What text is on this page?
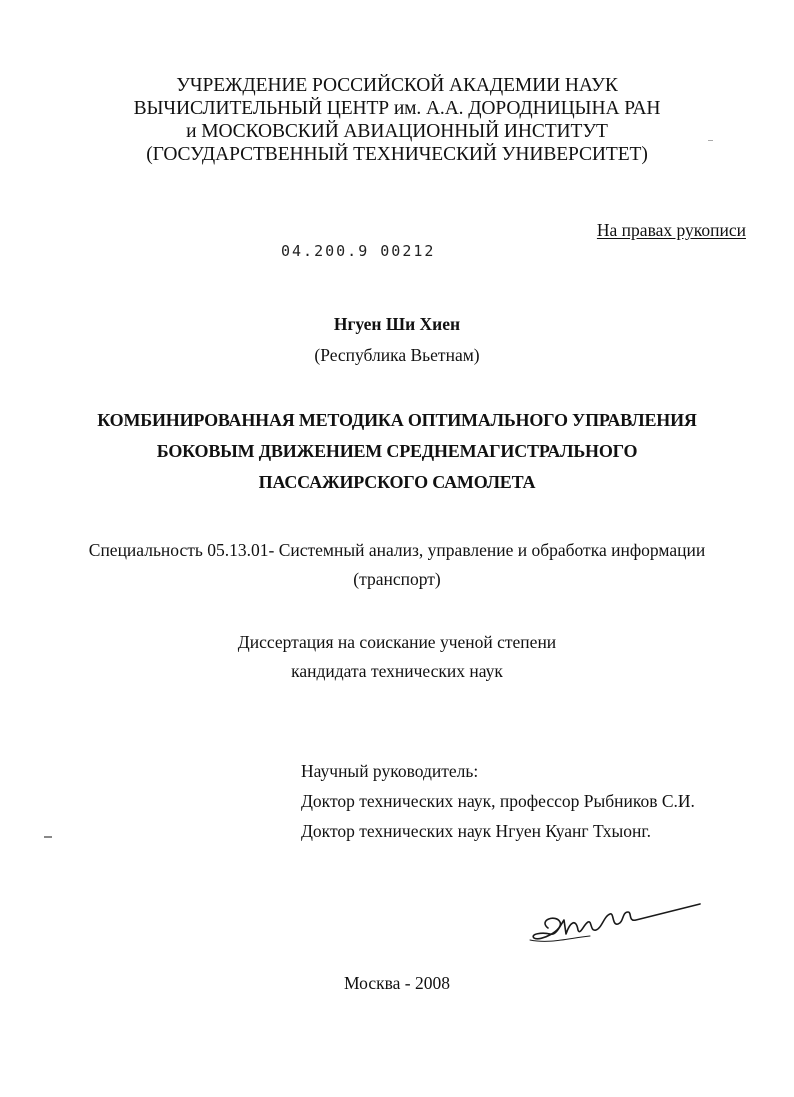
УЧРЕЖДЕНИЕ РОССИЙСКОЙ АКАДЕМИИ НАУК
ВЫЧИСЛИТЕЛЬНЫЙ ЦЕНТР им. А.А. ДОРОДНИЦЫНА РАН
и МОСКОВСКИЙ АВИАЦИОННЫЙ ИНСТИТУТ
(ГОСУДАРСТВЕННЫЙ ТЕХНИЧЕСКИЙ УНИВЕРСИТЕТ)
На правах рукописи
04.200.9 00212
Нгуен Ши Хиен
(Республика Вьетнам)
КОМБИНИРОВАННАЯ МЕТОДИКА ОПТИМАЛЬНОГО УПРАВЛЕНИЯ
БОКОВЫМ ДВИЖЕНИЕМ СРЕДНЕМАГИСТРАЛЬНОГО
ПАССАЖИРСКОГО САМОЛЕТА
Специальность 05.13.01- Системный анализ, управление и обработка информации
(транспорт)
Диссертация на соискание ученой степени
кандидата технических наук
Научный руководитель:
Доктор технических наук, профессор Рыбников С.И.
Доктор технических наук Нгуен Куанг Тхыонг.
Москва - 2008
